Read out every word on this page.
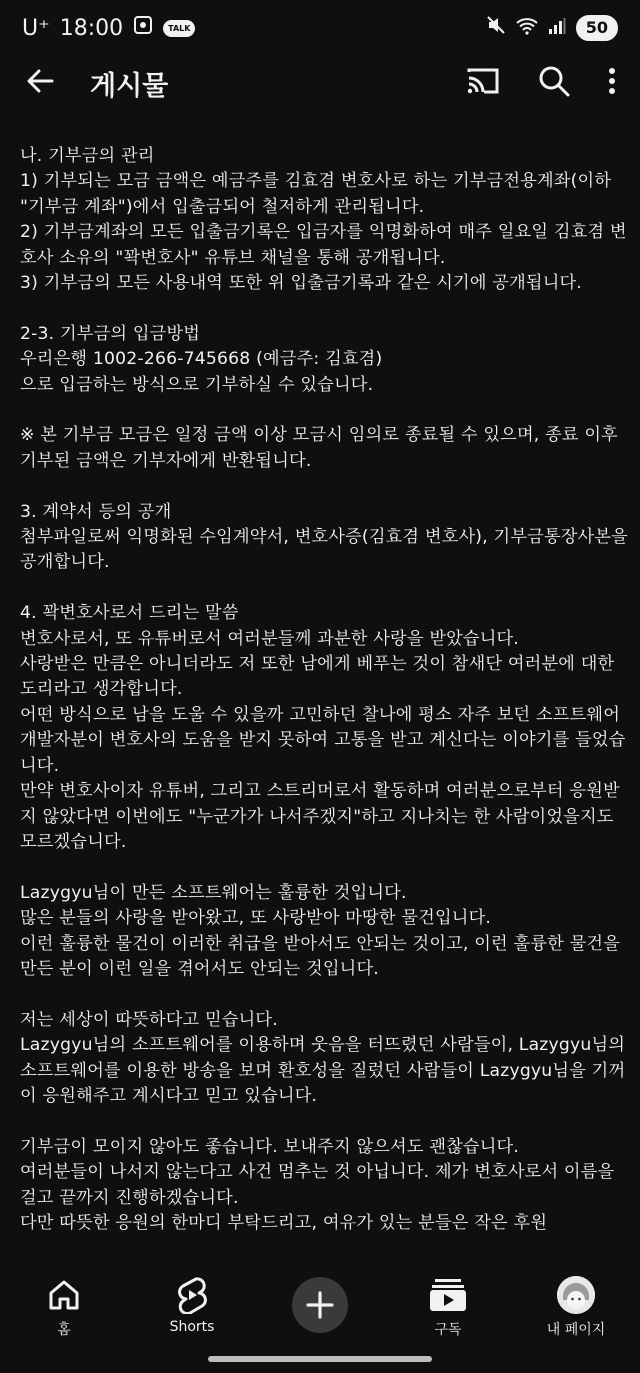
U⁺ 18:00	TALK	50
게시물

나. 기부금의 관리
1) 기부되는 모금 금액은 예금주를 김효겸 변호사로 하는 기부금전용계좌(이하 "기부금 계좌")에서 입출금되어 철저하게 관리됩니다.
2) 기부금계좌의 모든 입출금기록은 입금자를 익명화하여 매주 일요일 김효겸 변호사 소유의 "꽉변호사" 유튜브 채널을 통해 공개됩니다.
3) 기부금의 모든 사용내역 또한 위 입출금기록과 같은 시기에 공개됩니다.

2-3. 기부금의 입금방법
우리은행 1002-266-745668 (예금주: 김효겸)
으로 입금하는 방식으로 기부하실 수 있습니다.

※ 본 기부금 모금은 일정 금액 이상 모금시 임의로 종료될 수 있으며, 종료 이후 기부된 금액은 기부자에게 반환됩니다.

3. 계약서 등의 공개
첨부파일로써 익명화된 수임계약서, 변호사증(김효겸 변호사), 기부금통장사본을 공개합니다.

4. 꽉변호사로서 드리는 말씀
변호사로서, 또 유튜버로서 여러분들께 과분한 사랑을 받았습니다.
사랑받은 만큼은 아니더라도 저 또한 남에게 베푸는 것이 참새단 여러분에 대한 도리라고 생각합니다.
어떤 방식으로 남을 도울 수 있을까 고민하던 찰나에 평소 자주 보던 소프트웨어 개발자분이 변호사의 도움을 받지 못하여 고통을 받고 계신다는 이야기를 들었습니다.
만약 변호사이자 유튜버, 그리고 스트리머로서 활동하며 여러분으로부터 응원받지 않았다면 이번에도 "누군가가 나서주겠지"하고 지나치는 한 사람이었을지도 모르겠습니다.

Lazygyu님이 만든 소프트웨어는 훌륭한 것입니다.
많은 분들의 사랑을 받아왔고, 또 사랑받아 마땅한 물건입니다.
이런 훌륭한 물건이 이러한 취급을 받아서도 안되는 것이고, 이런 훌륭한 물건을 만든 분이 이런 일을 겪어서도 안되는 것입니다.

저는 세상이 따뜻하다고 믿습니다.
Lazygyu님의 소프트웨어를 이용하며 웃음을 터뜨렸던 사람들이, Lazygyu님의 소프트웨어를 이용한 방송을 보며 환호성을 질렀던 사람들이 Lazygyu님을 기꺼이 응원해주고 계시다고 믿고 있습니다.

기부금이 모이지 않아도 좋습니다. 보내주지 않으셔도 괜찮습니다.
여러분들이 나서지 않는다고 사건 멈추는 것 아닙니다. 제가 변호사로서 이름을 걸고 끝까지 진행하겠습니다.
다만 따뜻한 응원의 한마디 부탁드리고, 여유가 있는 분들은 작은 후원

홈	Shorts	구독	내 페이지
